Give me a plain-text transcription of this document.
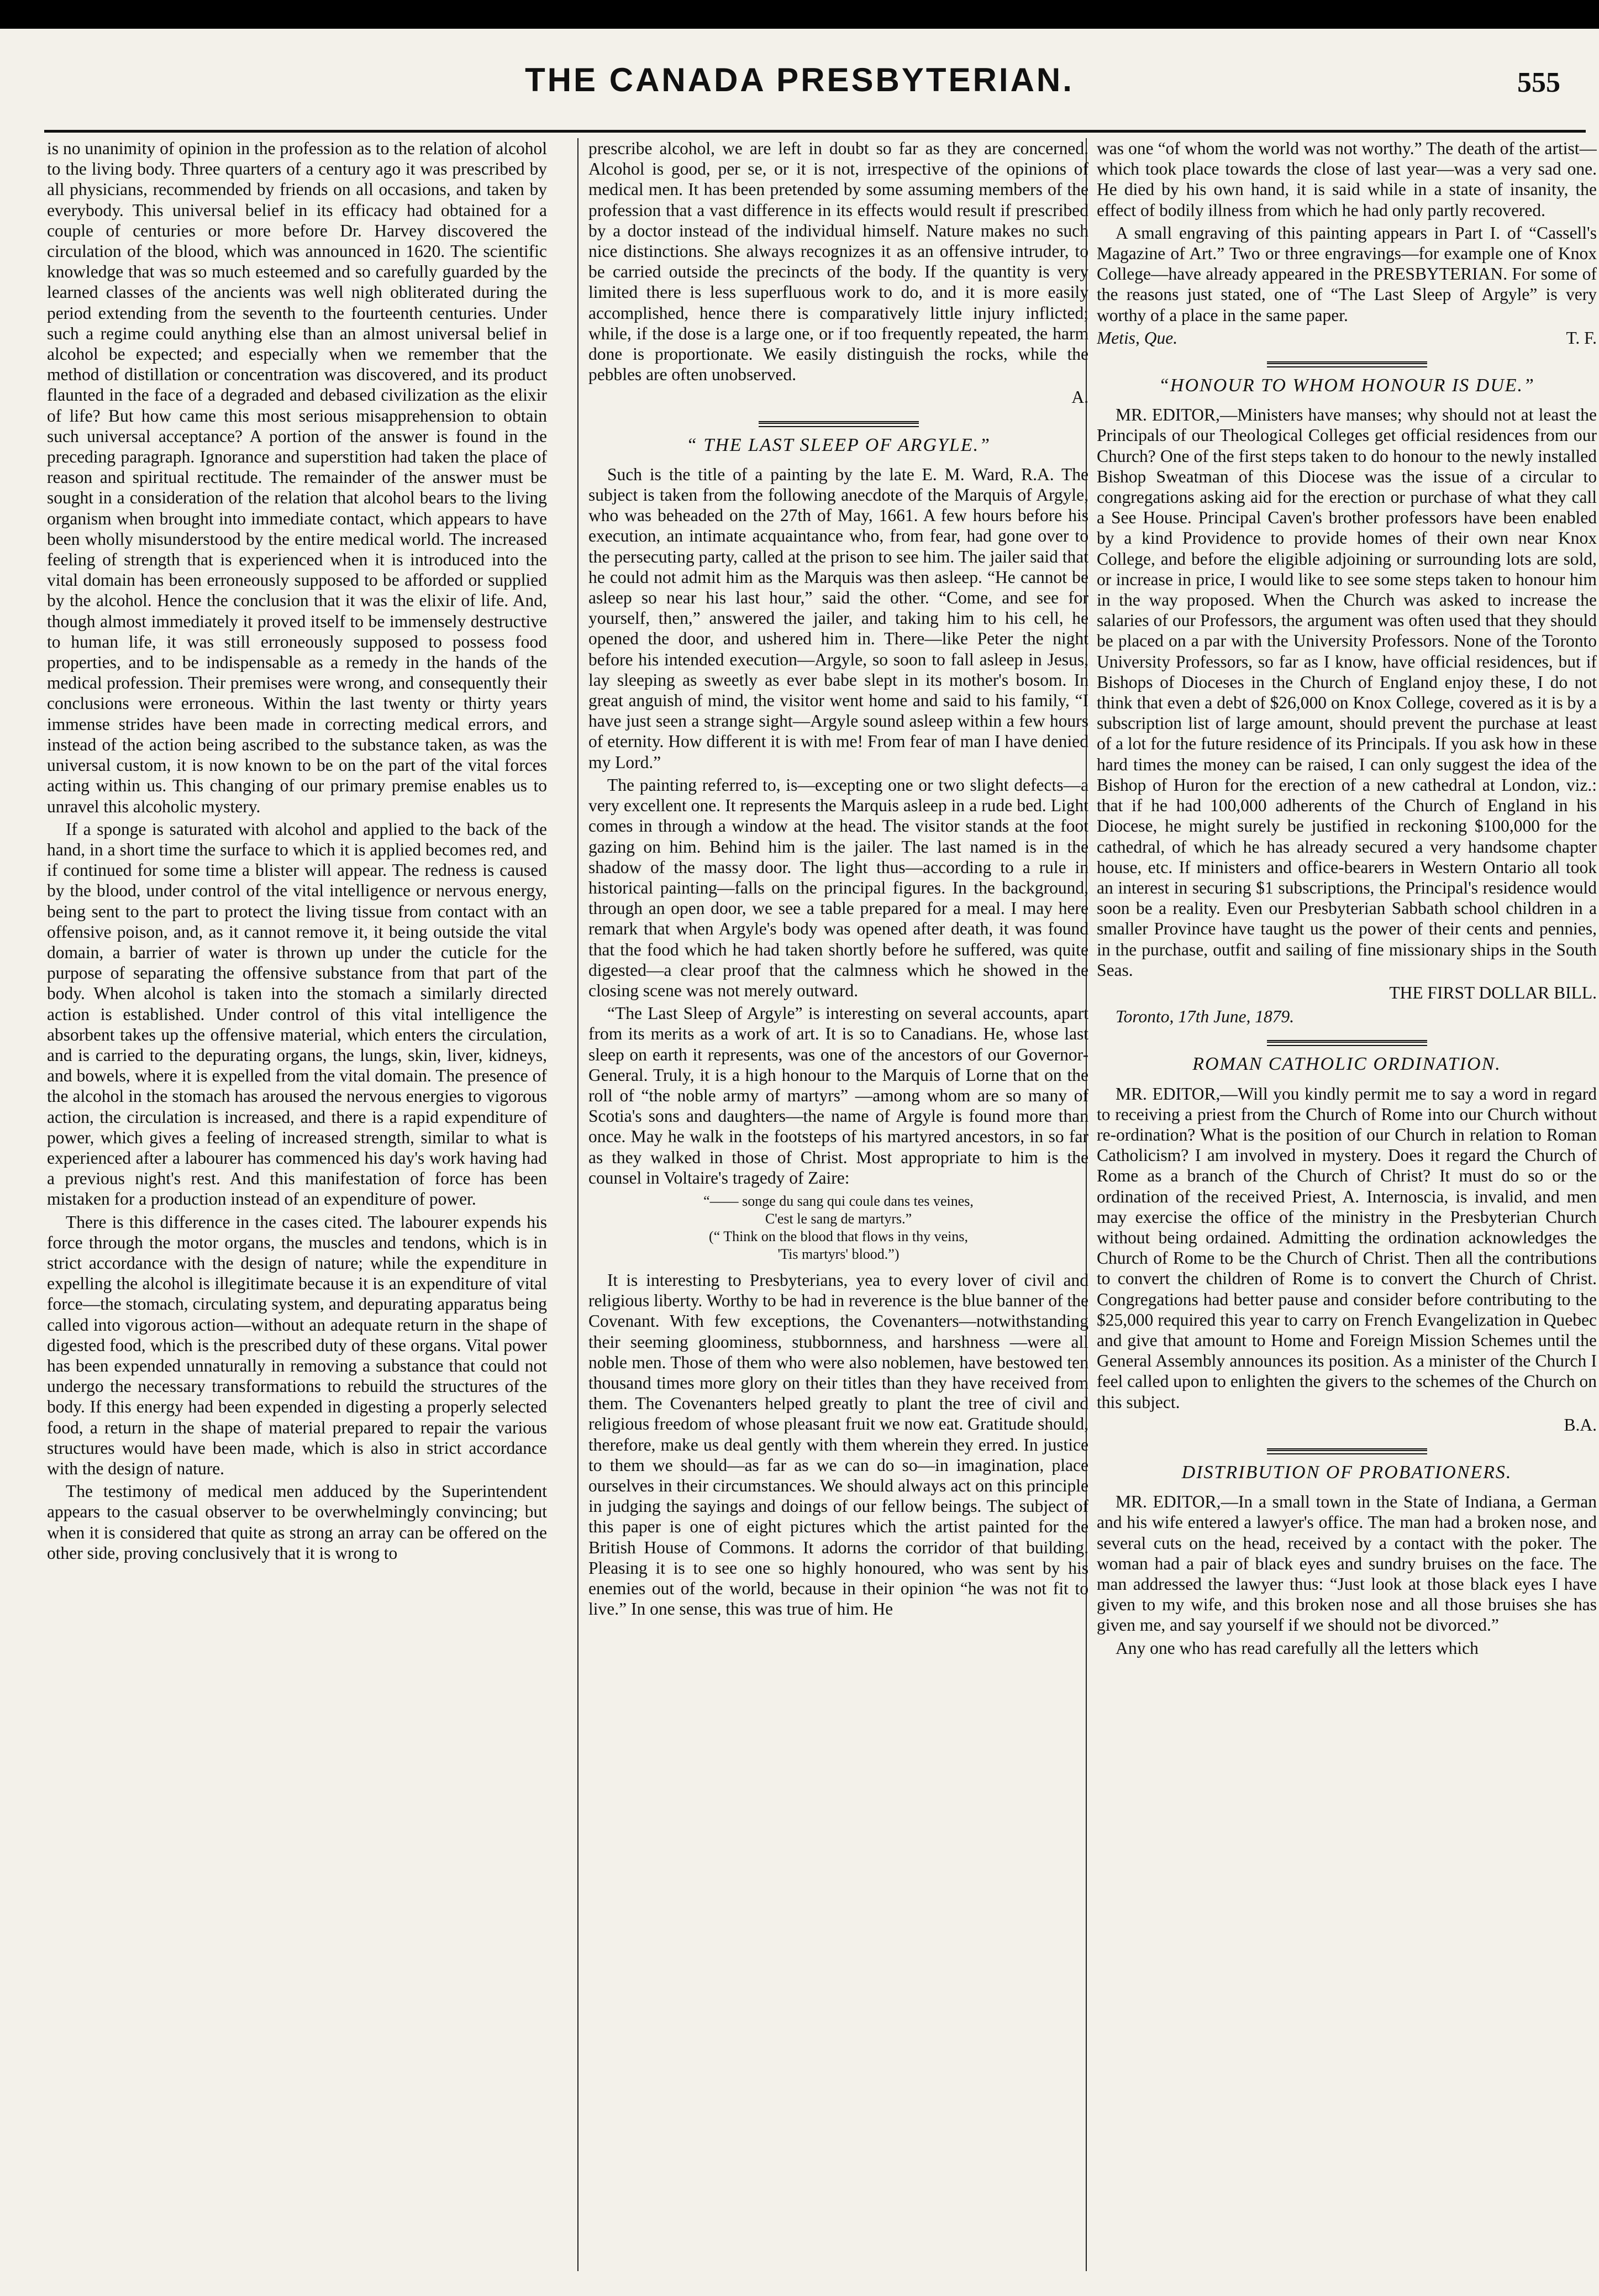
THE CANADA PRESBYTERIAN.	555

is no unanimity of opinion in the profession as to the relation of alcohol to the living body. Three quarters of a century ago it was prescribed by all physicians, recommended by friends on all occasions, and taken by everybody. This universal belief in its efficacy had obtained for a couple of centuries or more before Dr. Harvey discovered the circulation of the blood, which was announced in 1620. The scientific knowledge that was so much esteemed and so carefully guarded by the learned classes of the ancients was well nigh obliterated during the period extending from the seventh to the fourteenth centuries. Under such a regime could anything else than an almost universal belief in alcohol be expected; and especially when we remember that the method of distillation or concentration was discovered, and its product flaunted in the face of a degraded and debased civilization as the elixir of life? But how came this most serious misapprehension to obtain such universal acceptance? A portion of the answer is found in the preceding paragraph. Ignorance and superstition had taken the place of reason and spiritual rectitude. The remainder of the answer must be sought in a consideration of the relation that alcohol bears to the living organism when brought into immediate contact, which appears to have been wholly misunderstood by the entire medical world. The increased feeling of strength that is experienced when it is introduced into the vital domain has been erroneously supposed to be afforded or supplied by the alcohol. Hence the conclusion that it was the elixir of life. And, though almost immediately it proved itself to be immensely destructive to human life, it was still erroneously supposed to possess food properties, and to be indispensable as a remedy in the hands of the medical profession. Their premises were wrong, and consequently their conclusions were erroneous. Within the last twenty or thirty years immense strides have been made in correcting medical errors, and instead of the action being ascribed to the substance taken, as was the universal custom, it is now known to be on the part of the vital forces acting within us. This changing of our primary premise enables us to unravel this alcoholic mystery.

If a sponge is saturated with alcohol and applied to the back of the hand, in a short time the surface to which it is applied becomes red, and if continued for some time a blister will appear. The redness is caused by the blood, under control of the vital intelligence or nervous energy, being sent to the part to protect the living tissue from contact with an offensive poison, and, as it cannot remove it, it being outside the vital domain, a barrier of water is thrown up under the cuticle for the purpose of separating the offensive substance from that part of the body. When alcohol is taken into the stomach a similarly directed action is established. Under control of this vital intelligence the absorbent takes up the offensive material, which enters the circulation, and is carried to the depurating organs, the lungs, skin, liver, kidneys, and bowels, where it is expelled from the vital domain. The presence of the alcohol in the stomach has aroused the nervous energies to vigorous action, the circulation is increased, and there is a rapid expenditure of power, which gives a feeling of increased strength, similar to what is experienced after a labourer has commenced his day's work having had a previous night's rest. And this manifestation of force has been mistaken for a production instead of an expenditure of power.

There is this difference in the cases cited. The labourer expends his force through the motor organs, the muscles and tendons, which is in strict accordance with the design of nature; while the expenditure in expelling the alcohol is illegitimate because it is an expenditure of vital force—the stomach, circulating system, and depurating apparatus being called into vigorous action—without an adequate return in the shape of digested food, which is the prescribed duty of these organs. Vital power has been expended unnaturally in removing a substance that could not undergo the necessary transformations to rebuild the structures of the body. If this energy had been expended in digesting a properly selected food, a return in the shape of material prepared to repair the various structures would have been made, which is also in strict accordance with the design of nature.

The testimony of medical men adduced by the Superintendent appears to the casual observer to be overwhelmingly convincing; but when it is considered that quite as strong an array can be offered on the other side, proving conclusively that it is wrong to

prescribe alcohol, we are left in doubt so far as they are concerned. Alcohol is good, per se, or it is not, irrespective of the opinions of medical men. It has been pretended by some assuming members of the profession that a vast difference in its effects would result if prescribed by a doctor instead of the individual himself. Nature makes no such nice distinctions. She always recognizes it as an offensive intruder, to be carried outside the precincts of the body. If the quantity is very limited there is less superfluous work to do, and it is more easily accomplished, hence there is comparatively little injury inflicted; while, if the dose is a large one, or if too frequently repeated, the harm done is proportionate. We easily distinguish the rocks, while the pebbles are often unobserved.

A.
“ THE LAST SLEEP OF ARGYLE.”

Such is the title of a painting by the late E. M. Ward, R.A. The subject is taken from the following anecdote of the Marquis of Argyle, who was beheaded on the 27th of May, 1661. A few hours before his execution, an intimate acquaintance who, from fear, had gone over to the persecuting party, called at the prison to see him. The jailer said that he could not admit him as the Marquis was then asleep. “He cannot be asleep so near his last hour,” said the other. “Come, and see for yourself, then,” answered the jailer, and taking him to his cell, he opened the door, and ushered him in. There—like Peter the night before his intended execution—Argyle, so soon to fall asleep in Jesus, lay sleeping as sweetly as ever babe slept in its mother's bosom. In great anguish of mind, the visitor went home and said to his family, “I have just seen a strange sight—Argyle sound asleep within a few hours of eternity. How different it is with me! From fear of man I have denied my Lord.”

The painting referred to, is—excepting one or two slight defects—a very excellent one. It represents the Marquis asleep in a rude bed. Light comes in through a window at the head. The visitor stands at the foot gazing on him. Behind him is the jailer. The last named is in the shadow of the massy door. The light thus—according to a rule in historical painting—falls on the principal figures. In the background, through an open door, we see a table prepared for a meal. I may here remark that when Argyle's body was opened after death, it was found that the food which he had taken shortly before he suffered, was quite digested—a clear proof that the calmness which he showed in the closing scene was not merely outward.

“The Last Sleep of Argyle” is interesting on several accounts, apart from its merits as a work of art. It is so to Canadians. He, whose last sleep on earth it represents, was one of the ancestors of our Governor-General. Truly, it is a high honour to the Marquis of Lorne that on the roll of “the noble army of martyrs” —among whom are so many of Scotia's sons and daughters—the name of Argyle is found more than once. May he walk in the footsteps of his martyred ancestors, in so far as they walked in those of Christ. Most appropriate to him is the counsel in Voltaire's tragedy of Zaire:

“—— songe du sang qui coule dans tes veines,
C'est le sang de martyrs.”
(“ Think on the blood that flows in thy veins,
'Tis martyrs' blood.”)

It is interesting to Presbyterians, yea to every lover of civil and religious liberty. Worthy to be had in reverence is the blue banner of the Covenant. With few exceptions, the Covenanters—notwithstanding their seeming gloominess, stubbornness, and harshness —were all noble men. Those of them who were also noblemen, have bestowed ten thousand times more glory on their titles than they have received from them. The Covenanters helped greatly to plant the tree of civil and religious freedom of whose pleasant fruit we now eat. Gratitude should, therefore, make us deal gently with them wherein they erred. In justice to them we should—as far as we can do so—in imagination, place ourselves in their circumstances. We should always act on this principle in judging the sayings and doings of our fellow beings. The subject of this paper is one of eight pictures which the artist painted for the British House of Commons. It adorns the corridor of that building. Pleasing it is to see one so highly honoured, who was sent by his enemies out of the world, because in their opinion “he was not fit to live.” In one sense, this was true of him. He

was one “of whom the world was not worthy.” The death of the artist—which took place towards the close of last year—was a very sad one. He died by his own hand, it is said while in a state of insanity, the effect of bodily illness from which he had only partly recovered.

A small engraving of this painting appears in Part I. of “Cassell's Magazine of Art.” Two or three engravings—for example one of Knox College—have already appeared in the PRESBYTERIAN. For some of the reasons just stated, one of “The Last Sleep of Argyle” is very worthy of a place in the same paper.

Metis, Que.	T. F.
“HONOUR TO WHOM HONOUR IS DUE.”

MR. EDITOR,—Ministers have manses; why should not at least the Principals of our Theological Colleges get official residences from our Church? One of the first steps taken to do honour to the newly installed Bishop Sweatman of this Diocese was the issue of a circular to congregations asking aid for the erection or purchase of what they call a See House. Principal Caven's brother professors have been enabled by a kind Providence to provide homes of their own near Knox College, and before the eligible adjoining or surrounding lots are sold, or increase in price, I would like to see some steps taken to honour him in the way proposed. When the Church was asked to increase the salaries of our Professors, the argument was often used that they should be placed on a par with the University Professors. None of the Toronto University Professors, so far as I know, have official residences, but if Bishops of Dioceses in the Church of England enjoy these, I do not think that even a debt of $26,000 on Knox College, covered as it is by a subscription list of large amount, should prevent the purchase at least of a lot for the future residence of its Principals. If you ask how in these hard times the money can be raised, I can only suggest the idea of the Bishop of Huron for the erection of a new cathedral at London, viz.: that if he had 100,000 adherents of the Church of England in his Diocese, he might surely be justified in reckoning $100,000 for the cathedral, of which he has already secured a very handsome chapter house, etc. If ministers and office-bearers in Western Ontario all took an interest in securing $1 subscriptions, the Principal's residence would soon be a reality. Even our Presbyterian Sabbath school children in a smaller Province have taught us the power of their cents and pennies, in the purchase, outfit and sailing of fine missionary ships in the South Seas.

THE FIRST DOLLAR BILL.

Toronto, 17th June, 1879.

ROMAN CATHOLIC ORDINATION.

MR. EDITOR,—Will you kindly permit me to say a word in regard to receiving a priest from the Church of Rome into our Church without re-ordination? What is the position of our Church in relation to Roman Catholicism? I am involved in mystery. Does it regard the Church of Rome as a branch of the Church of Christ? It must do so or the ordination of the received Priest, A. Internoscia, is invalid, and men may exercise the office of the ministry in the Presbyterian Church without being ordained. Admitting the ordination acknowledges the Church of Rome to be the Church of Christ. Then all the contributions to convert the children of Rome is to convert the Church of Christ. Congregations had better pause and consider before contributing to the $25,000 required this year to carry on French Evangelization in Quebec and give that amount to Home and Foreign Mission Schemes until the General Assembly announces its position. As a minister of the Church I feel called upon to enlighten the givers to the schemes of the Church on this subject.

B.A.
DISTRIBUTION OF PROBATIONERS.

MR. EDITOR,—In a small town in the State of Indiana, a German and his wife entered a lawyer's office. The man had a broken nose, and several cuts on the head, received by a contact with the poker. The woman had a pair of black eyes and sundry bruises on the face. The man addressed the lawyer thus: “Just look at those black eyes I have given to my wife, and this broken nose and all those bruises she has given me, and say yourself if we should not be divorced.”

Any one who has read carefully all the letters which
